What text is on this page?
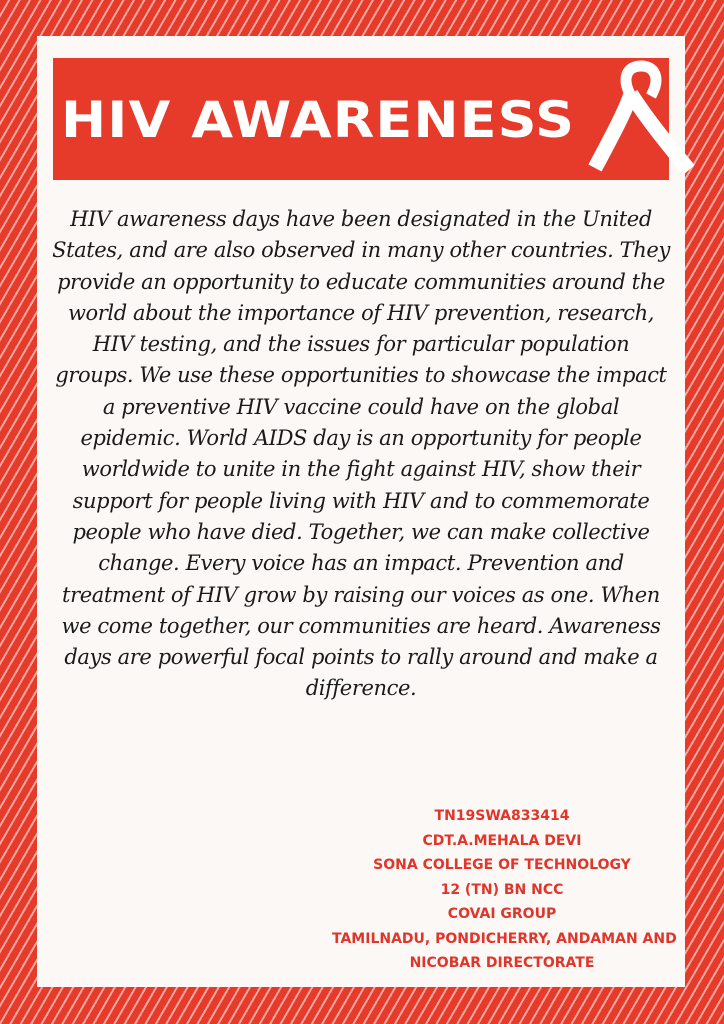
HIV AWARENESS

HIV awareness days have been designated in the United States, and are also observed in many other countries. They provide an opportunity to educate communities around the world about the importance of HIV prevention, research, HIV testing, and the issues for particular population groups. We use these opportunities to showcase the impact a preventive HIV vaccine could have on the global epidemic. World AIDS day is an opportunity for people worldwide to unite in the fight against HIV, show their support for people living with HIV and to commemorate people who have died. Together, we can make collective change. Every voice has an impact. Prevention and treatment of HIV grow by raising our voices as one. When we come together, our communities are heard. Awareness days are powerful focal points to rally around and make a difference.

TN19SWA833414
CDT.A.MEHALA DEVI
SONA COLLEGE OF TECHNOLOGY
12 (TN) BN NCC
COVAI GROUP
TAMILNADU, PONDICHERRY, ANDAMAN AND
NICOBAR DIRECTORATE
